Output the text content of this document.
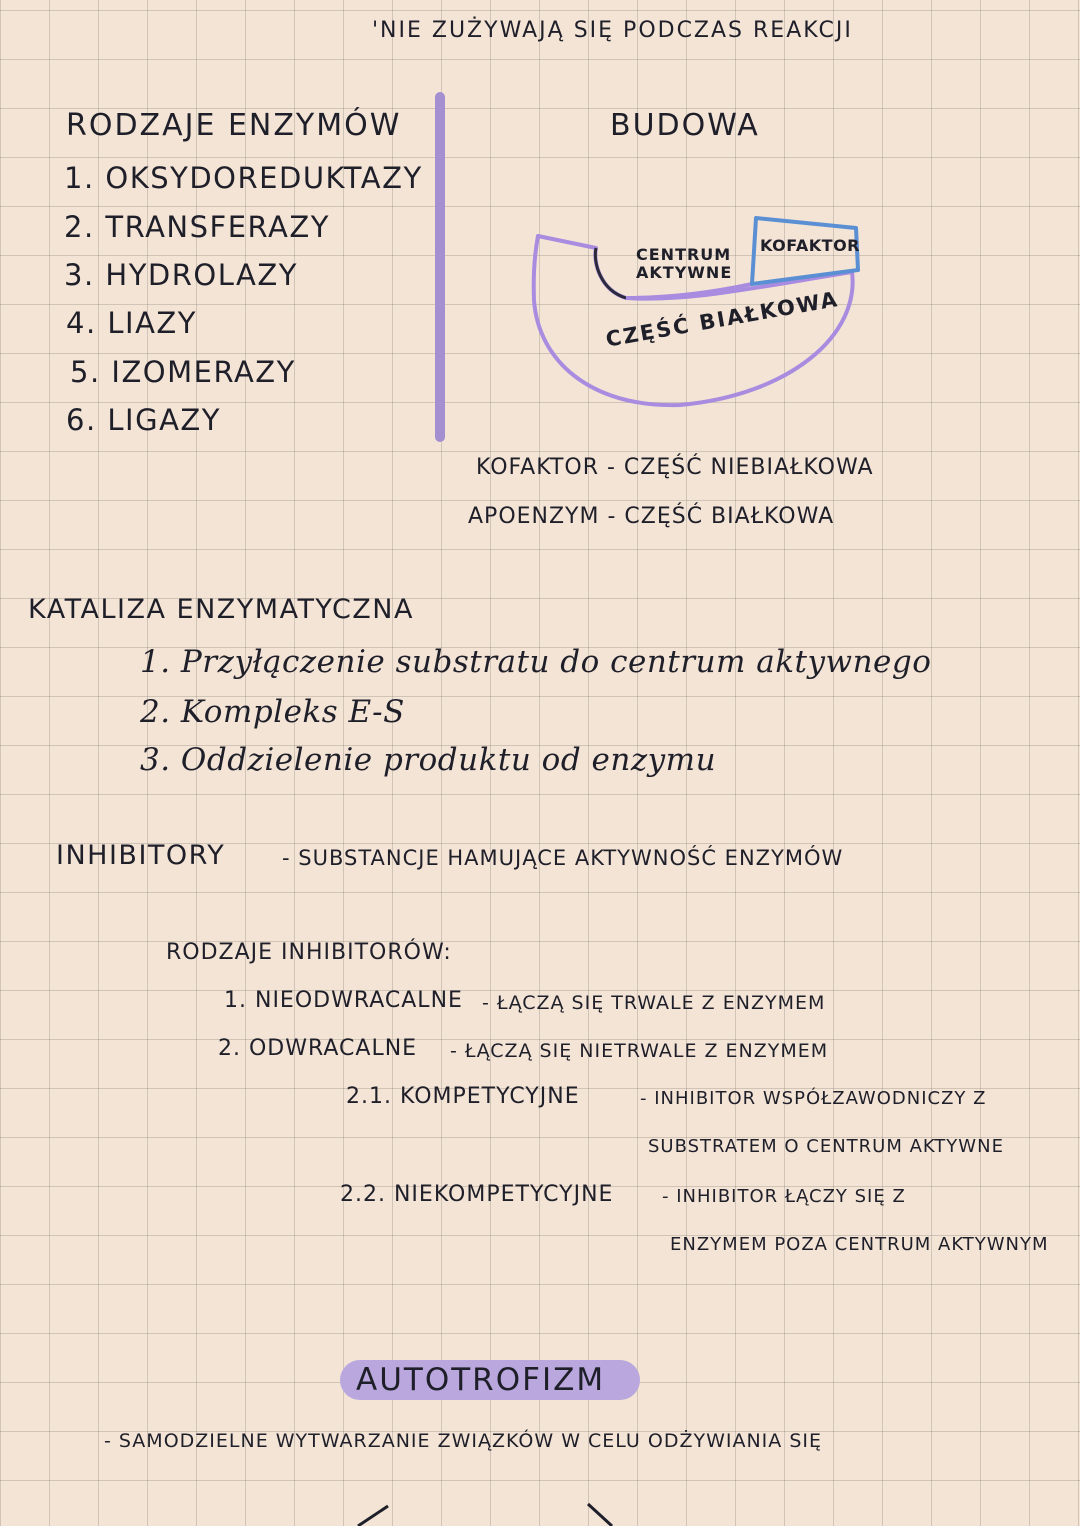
'NIE ZUŻYWAJĄ SIĘ PODCZAS REAKCJI
RODZAJE ENZYMÓW
1. OKSYDOREDUKTAZY
2. TRANSFERAZY
3. HYDROLAZY
4. LIAZY
5. IZOMERAZY
6. LIGAZY
BUDOWA
CENTRUM
AKTYWNE
KOFAKTOR
CZĘŚĆ BIAŁKOWA
KOFAKTOR - CZĘŚĆ NIEBIAŁKOWA
APOENZYM - CZĘŚĆ BIAŁKOWA
KATALIZA ENZYMATYCZNA
1. Przyłączenie substratu do centrum aktywnego
2. Kompleks E-S
3. Oddzielenie produktu od enzymu
INHIBITORY	- SUBSTANCJE HAMUJĄCE AKTYWNOŚĆ ENZYMÓW
RODZAJE INHIBITORÓW:
1. NIEODWRACALNE - ŁĄCZĄ SIĘ TRWALE Z ENZYMEM
2. ODWRACALNE - ŁĄCZĄ SIĘ NIETRWALE Z ENZYMEM
2.1. KOMPETYCYJNE	- INHIBITOR WSPÓŁZAWODNICZY Z
SUBSTRATEM O CENTRUM AKTYWNE
2.2. NIEKOMPETYCYJNE	- INHIBITOR ŁĄCZY SIĘ Z
ENZYMEM POZA CENTRUM AKTYWNYM
AUTOTROFIZM
- SAMODZIELNE WYTWARZANIE ZWIĄZKÓW W CELU ODŻYWIANIA SIĘ
